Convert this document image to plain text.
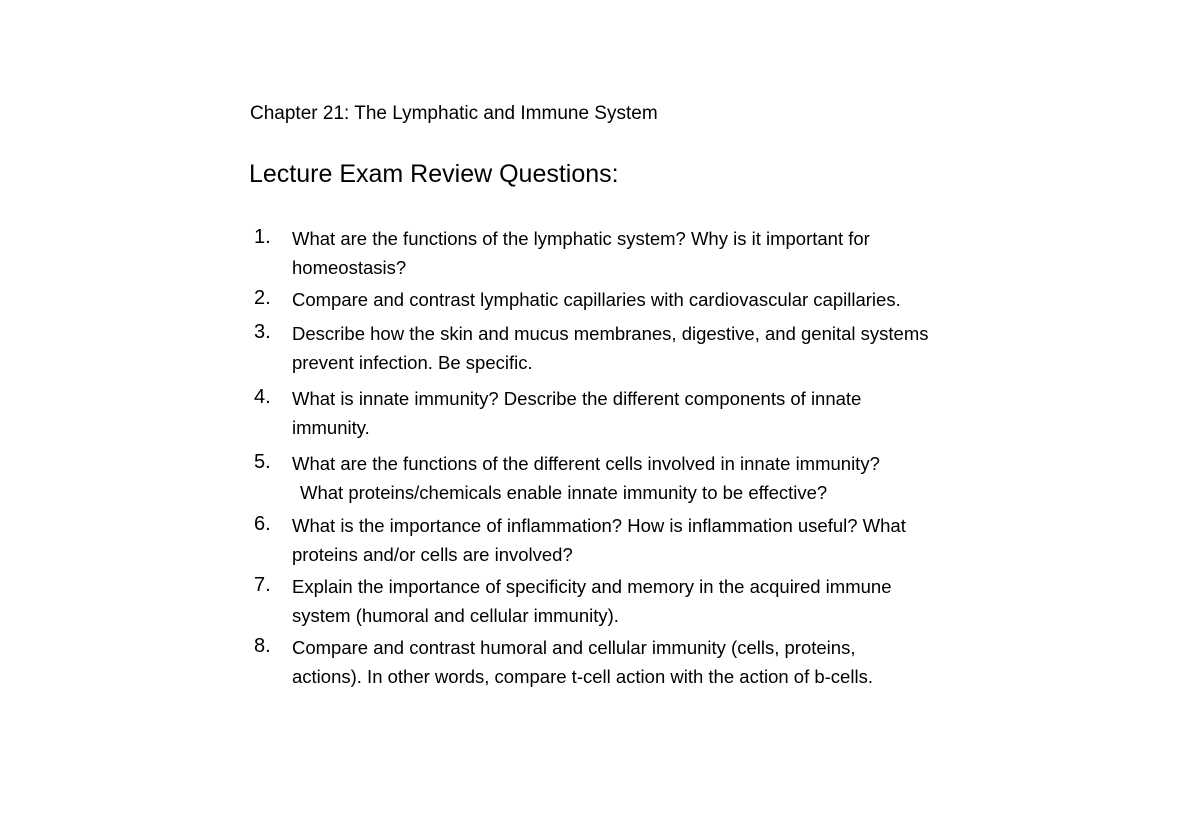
Chapter 21: The Lymphatic and Immune System
Lecture Exam Review Questions:
1. What are the functions of the lymphatic system? Why is it important for
homeostasis?
2. Compare and contrast lymphatic capillaries with cardiovascular capillaries.
3. Describe how the skin and mucus membranes, digestive, and genital systems
prevent infection. Be specific.
4. What is innate immunity? Describe the different components of innate
immunity.
5. What are the functions of the different cells involved in innate immunity?
What proteins/chemicals enable innate immunity to be effective?
6. What is the importance of inflammation? How is inflammation useful? What
proteins and/or cells are involved?
7. Explain the importance of specificity and memory in the acquired immune
system (humoral and cellular immunity).
8. Compare and contrast humoral and cellular immunity (cells, proteins,
actions). In other words, compare t-cell action with the action of b-cells.
